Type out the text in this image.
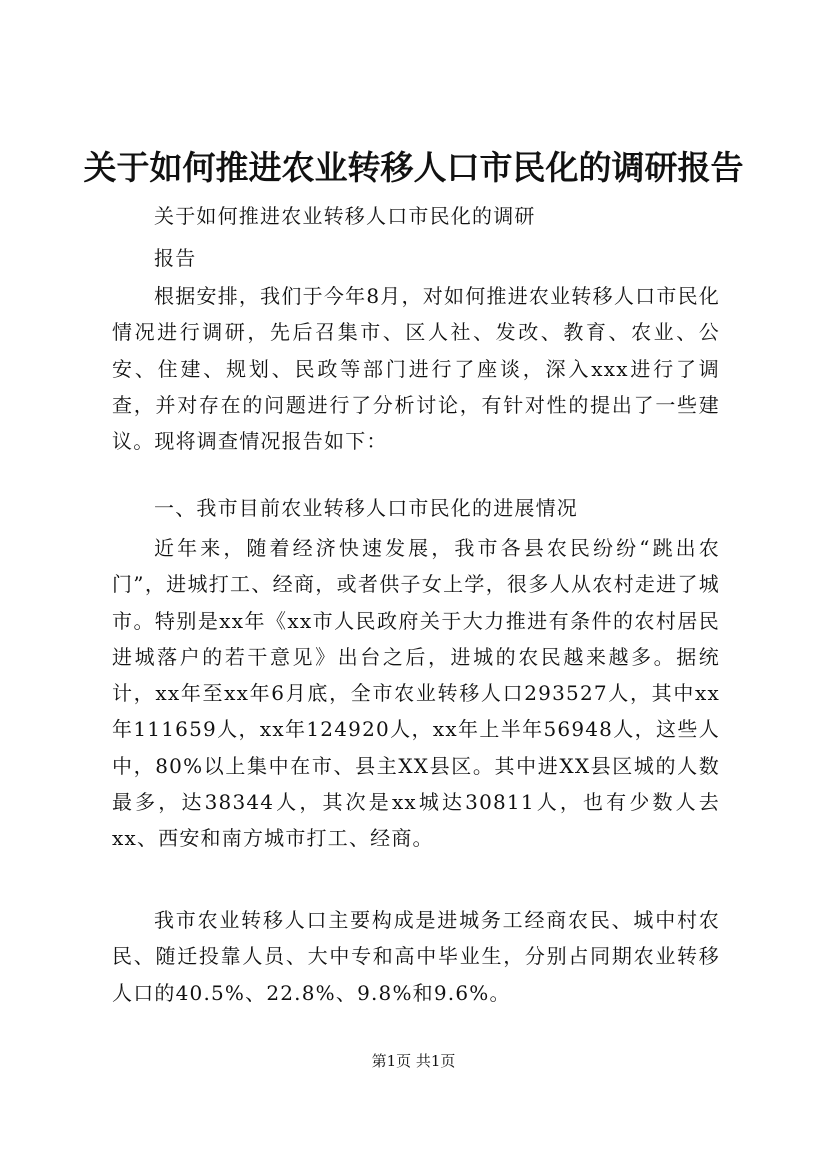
关于如何推进农业转移人口市民化的调研报告

关于如何推进农业转移人口市民化的调研

报告

根据安排，我们于今年8月，对如何推进农业转移人口市民化情况进行调研，先后召集市、区人社、发改、教育、农业、公安、住建、规划、民政等部门进行了座谈，深入xxx进行了调查，并对存在的问题进行了分析讨论，有针对性的提出了一些建议。现将调查情况报告如下：

一、我市目前农业转移人口市民化的进展情况

近年来，随着经济快速发展，我市各县农民纷纷“跳出农门”，进城打工、经商，或者供子女上学，很多人从农村走进了城市。特别是xx年《xx市人民政府关于大力推进有条件的农村居民进城落户的若干意见》出台之后，进城的农民越来越多。据统计，xx年至xx年6月底，全市农业转移人口293527人，其中xx年111659人，xx年124920人，xx年上半年56948人，这些人中，80%以上集中在市、县主XX县区。其中进XX县区城的人数最多，达38344人，其次是xx城达30811人，也有少数人去xx、西安和南方城市打工、经商。

我市农业转移人口主要构成是进城务工经商农民、城中村农民、随迁投靠人员、大中专和高中毕业生，分别占同期农业转移人口的40.5%、22.8%、9.8%和9.6%。

第1页 共1页
